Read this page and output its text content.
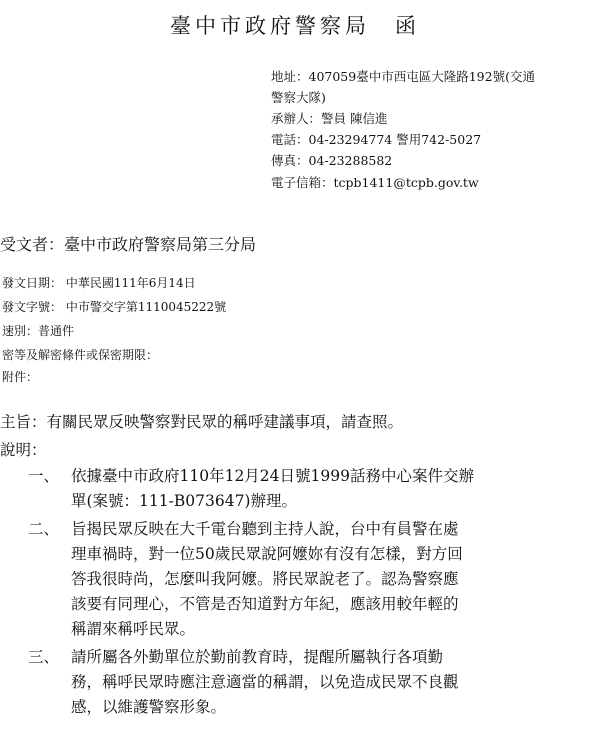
臺中市政府警察局　函
地址：407059臺中市西屯區大隆路192號(交通
警察大隊)
承辦人：警員 陳信進
電話：04-23294774 警用742-5027
傳真：04-23288582
電子信箱：tcpb1411@tcpb.gov.tw
受文者：臺中市政府警察局第三分局
發文日期： 中華民國111年6月14日
發文字號： 中市警交字第1110045222號
速別：普通件
密等及解密條件或保密期限：
附件：
主旨：有關民眾反映警察對民眾的稱呼建議事項，請查照。
說明：
一、 依據臺中市政府110年12月24日號1999話務中心案件交辦
單(案號：111-B073647)辦理。
二、 旨揭民眾反映在大千電台聽到主持人說，台中有員警在處
理車禍時，對一位50歲民眾說阿嬤妳有沒有怎樣，對方回
答我很時尚，怎麼叫我阿嬤。將民眾說老了。認為警察應
該要有同理心，不管是否知道對方年紀，應該用較年輕的
稱謂來稱呼民眾。
三、 請所屬各外勤單位於勤前教育時，提醒所屬執行各項勤
務，稱呼民眾時應注意適當的稱謂，以免造成民眾不良觀
感，以維護警察形象。
